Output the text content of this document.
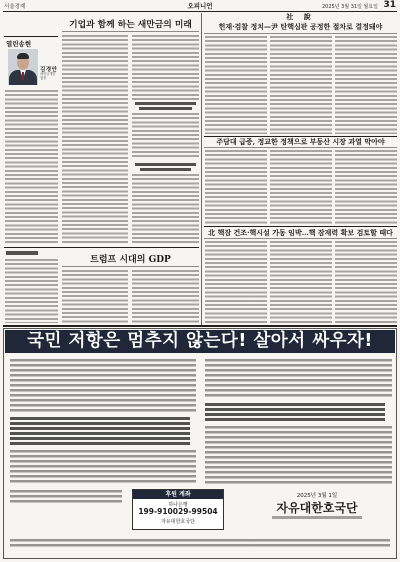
서울경제	오피니언	2025년 3월 31일 월요일 31
기업과 함께 하는 새만금의 미래
열린송현
김경안
새만금개발청장
트럼프 시대의 GDP
社 說
헌재·검찰 정치—尹 탄핵심판 공정한 절차로 결정돼야
주담대 급증, 정교한 정책으로 부동산 시장 과열 막아야
北 핵잠 건조·핵시설 가동 임박…핵 잠재력 확보 검토할 때다
국민 저항은 멈추지 않는다! 살아서 싸우자!
후원 계좌
하나은행
199-910029-99504
자유대한호국단
2025년 3월 1일
자유대한호국단
